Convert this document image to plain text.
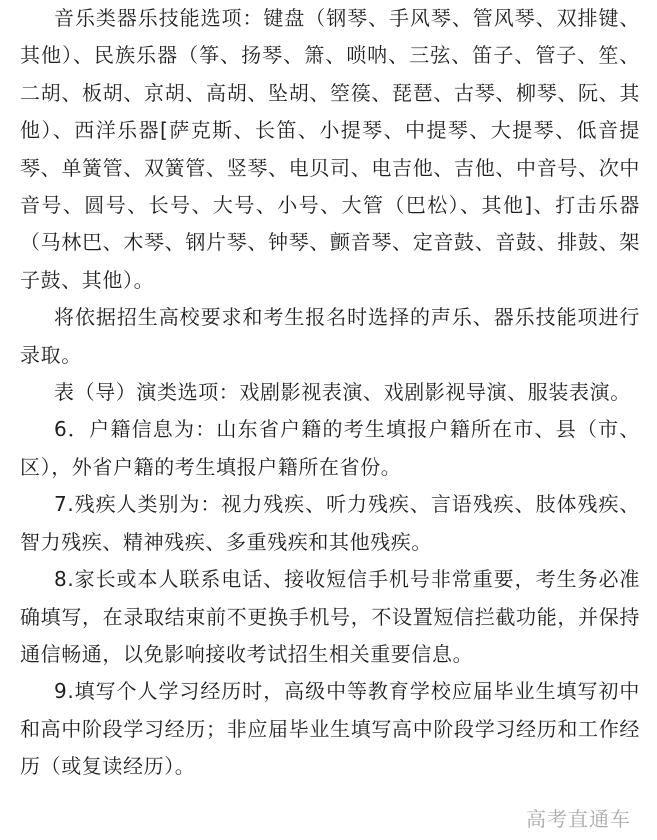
音乐类器乐技能选项：键盘（钢琴、手风琴、管风琴、双排键、其他）、民族乐器（筝、扬琴、箫、唢呐、三弦、笛子、管子、笙、二胡、板胡、京胡、高胡、坠胡、箜篌、琵琶、古琴、柳琴、阮、其他）、西洋乐器[萨克斯、长笛、小提琴、中提琴、大提琴、低音提琴、单簧管、双簧管、竖琴、电贝司、电吉他、吉他、中音号、次中音号、圆号、长号、大号、小号、大管（巴松）、其他]、打击乐器（马林巴、木琴、钢片琴、钟琴、颤音琴、定音鼓、音鼓、排鼓、架子鼓、其他）。

将依据招生高校要求和考生报名时选择的声乐、器乐技能项进行录取。

表（导）演类选项：戏剧影视表演、戏剧影视导演、服装表演。

6．户籍信息为：山东省户籍的考生填报户籍所在市、县（市、区），外省户籍的考生填报户籍所在省份。

7.残疾人类别为：视力残疾、听力残疾、言语残疾、肢体残疾、智力残疾、精神残疾、多重残疾和其他残疾。

8.家长或本人联系电话、接收短信手机号非常重要，考生务必准确填写，在录取结束前不更换手机号，不设置短信拦截功能，并保持通信畅通，以免影响接收考试招生相关重要信息。

9.填写个人学习经历时，高级中等教育学校应届毕业生填写初中和高中阶段学习经历；非应届毕业生填写高中阶段学习经历和工作经历（或复读经历）。

高考直通车
